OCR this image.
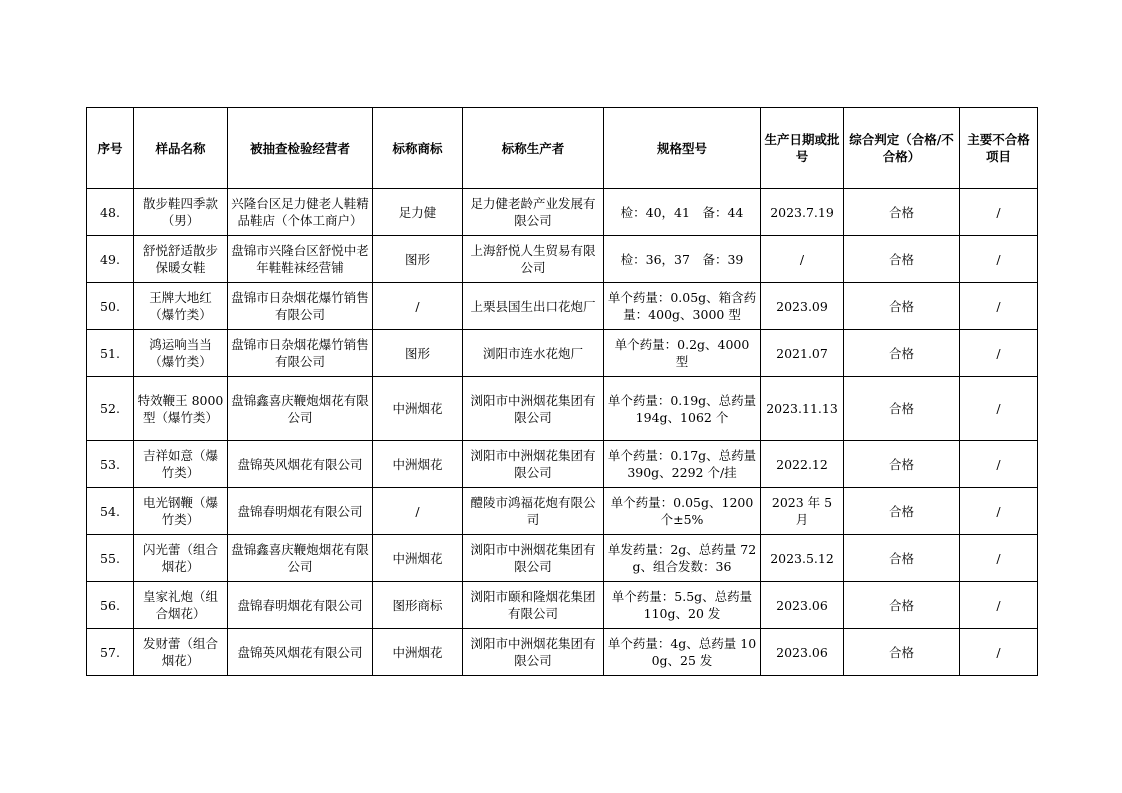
序号	样品名称	被抽查检验经营者	标称商标	标称生产者	规格型号	生产日期或批号	综合判定（合格/不合格）	主要不合格项目
48.	散步鞋四季款（男）	兴隆台区足力健老人鞋精品鞋店（个体工商户）	足力健	足力健老龄产业发展有限公司	检：40，41　备：44	2023.7.19	合格	/
49.	舒悦舒适散步保暖女鞋	盘锦市兴隆台区舒悦中老年鞋鞋袜经营铺	图形	上海舒悦人生贸易有限公司	检：36，37　备：39	/	合格	/
50.	王牌大地红（爆竹类）	盘锦市日杂烟花爆竹销售有限公司	/	上栗县国生出口花炮厂	单个药量：0.05g、箱含药量：400g、3000 型	2023.09	合格	/
51.	鸿运响当当（爆竹类）	盘锦市日杂烟花爆竹销售有限公司	图形	浏阳市连水花炮厂	单个药量：0.2g、4000 型	2021.07	合格	/
52.	特效鞭王 8000 型（爆竹类）	盘锦鑫喜庆鞭炮烟花有限公司	中洲烟花	浏阳市中洲烟花集团有限公司	单个药量：0.19g、总药量 194g、1062 个	2023.11.13	合格	/
53.	吉祥如意（爆竹类）	盘锦英风烟花有限公司	中洲烟花	浏阳市中洲烟花集团有限公司	单个药量：0.17g、总药量 390g、2292 个/挂	2022.12	合格	/
54.	电光钢鞭（爆竹类）	盘锦春明烟花有限公司	/	醴陵市鸿福花炮有限公司	单个药量：0.05g、1200 个±5%	2023 年 5 月	合格	/
55.	闪光蕾（组合烟花）	盘锦鑫喜庆鞭炮烟花有限公司	中洲烟花	浏阳市中洲烟花集团有限公司	单发药量：2g、总药量 72g、组合发数：36	2023.5.12	合格	/
56.	皇家礼炮（组合烟花）	盘锦春明烟花有限公司	图形商标	浏阳市颐和隆烟花集团有限公司	单个药量：5.5g、总药量 110g、20 发	2023.06	合格	/
57.	发财蕾（组合烟花）	盘锦英风烟花有限公司	中洲烟花	浏阳市中洲烟花集团有限公司	单个药量：4g、总药量 100g、25 发	2023.06	合格	/
